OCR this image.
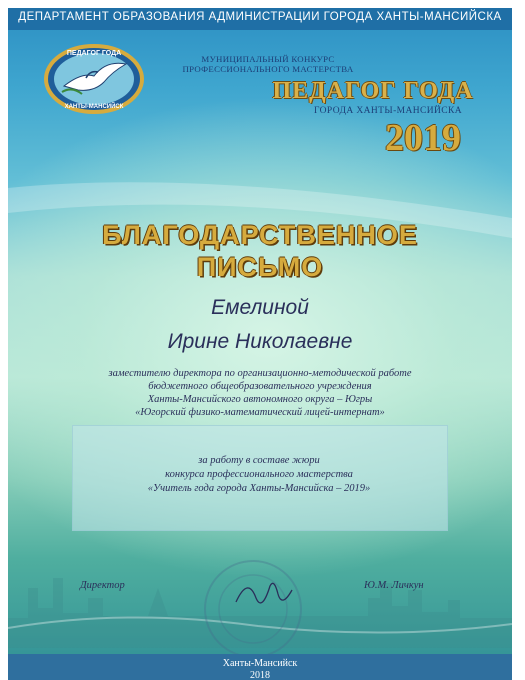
ДЕПАРТАМЕНТ ОБРАЗОВАНИЯ АДМИНИСТРАЦИИ ГОРОДА ХАНТЫ-МАНСИЙСКА
ПЕДАГОГ ГОДА
ХАНТЫ-МАНСИЙСК
МУНИЦИПАЛЬНЫЙ КОНКУРС
ПРОФЕССИОНАЛЬНОГО МАСТЕРСТВА
ПЕДАГОГ ГОДА
ГОРОДА ХАНТЫ-МАНСИЙСКА
2019
БЛАГОДАРСТВЕННОЕ
ПИСЬМО
Емелиной
Ирине Николаевне
заместителю директора по организационно-методической работе
бюджетного общеобразовательного учреждения
Ханты-Мансийского автономного округа – Югры
«Югорский физико-математический лицей-интернат»
за работу в составе жюри
конкурса профессионального мастерства
«Учитель года города Ханты-Мансийска – 2019»
Директор	Ю.М. Личкун
Ханты-Мансийск
2018
